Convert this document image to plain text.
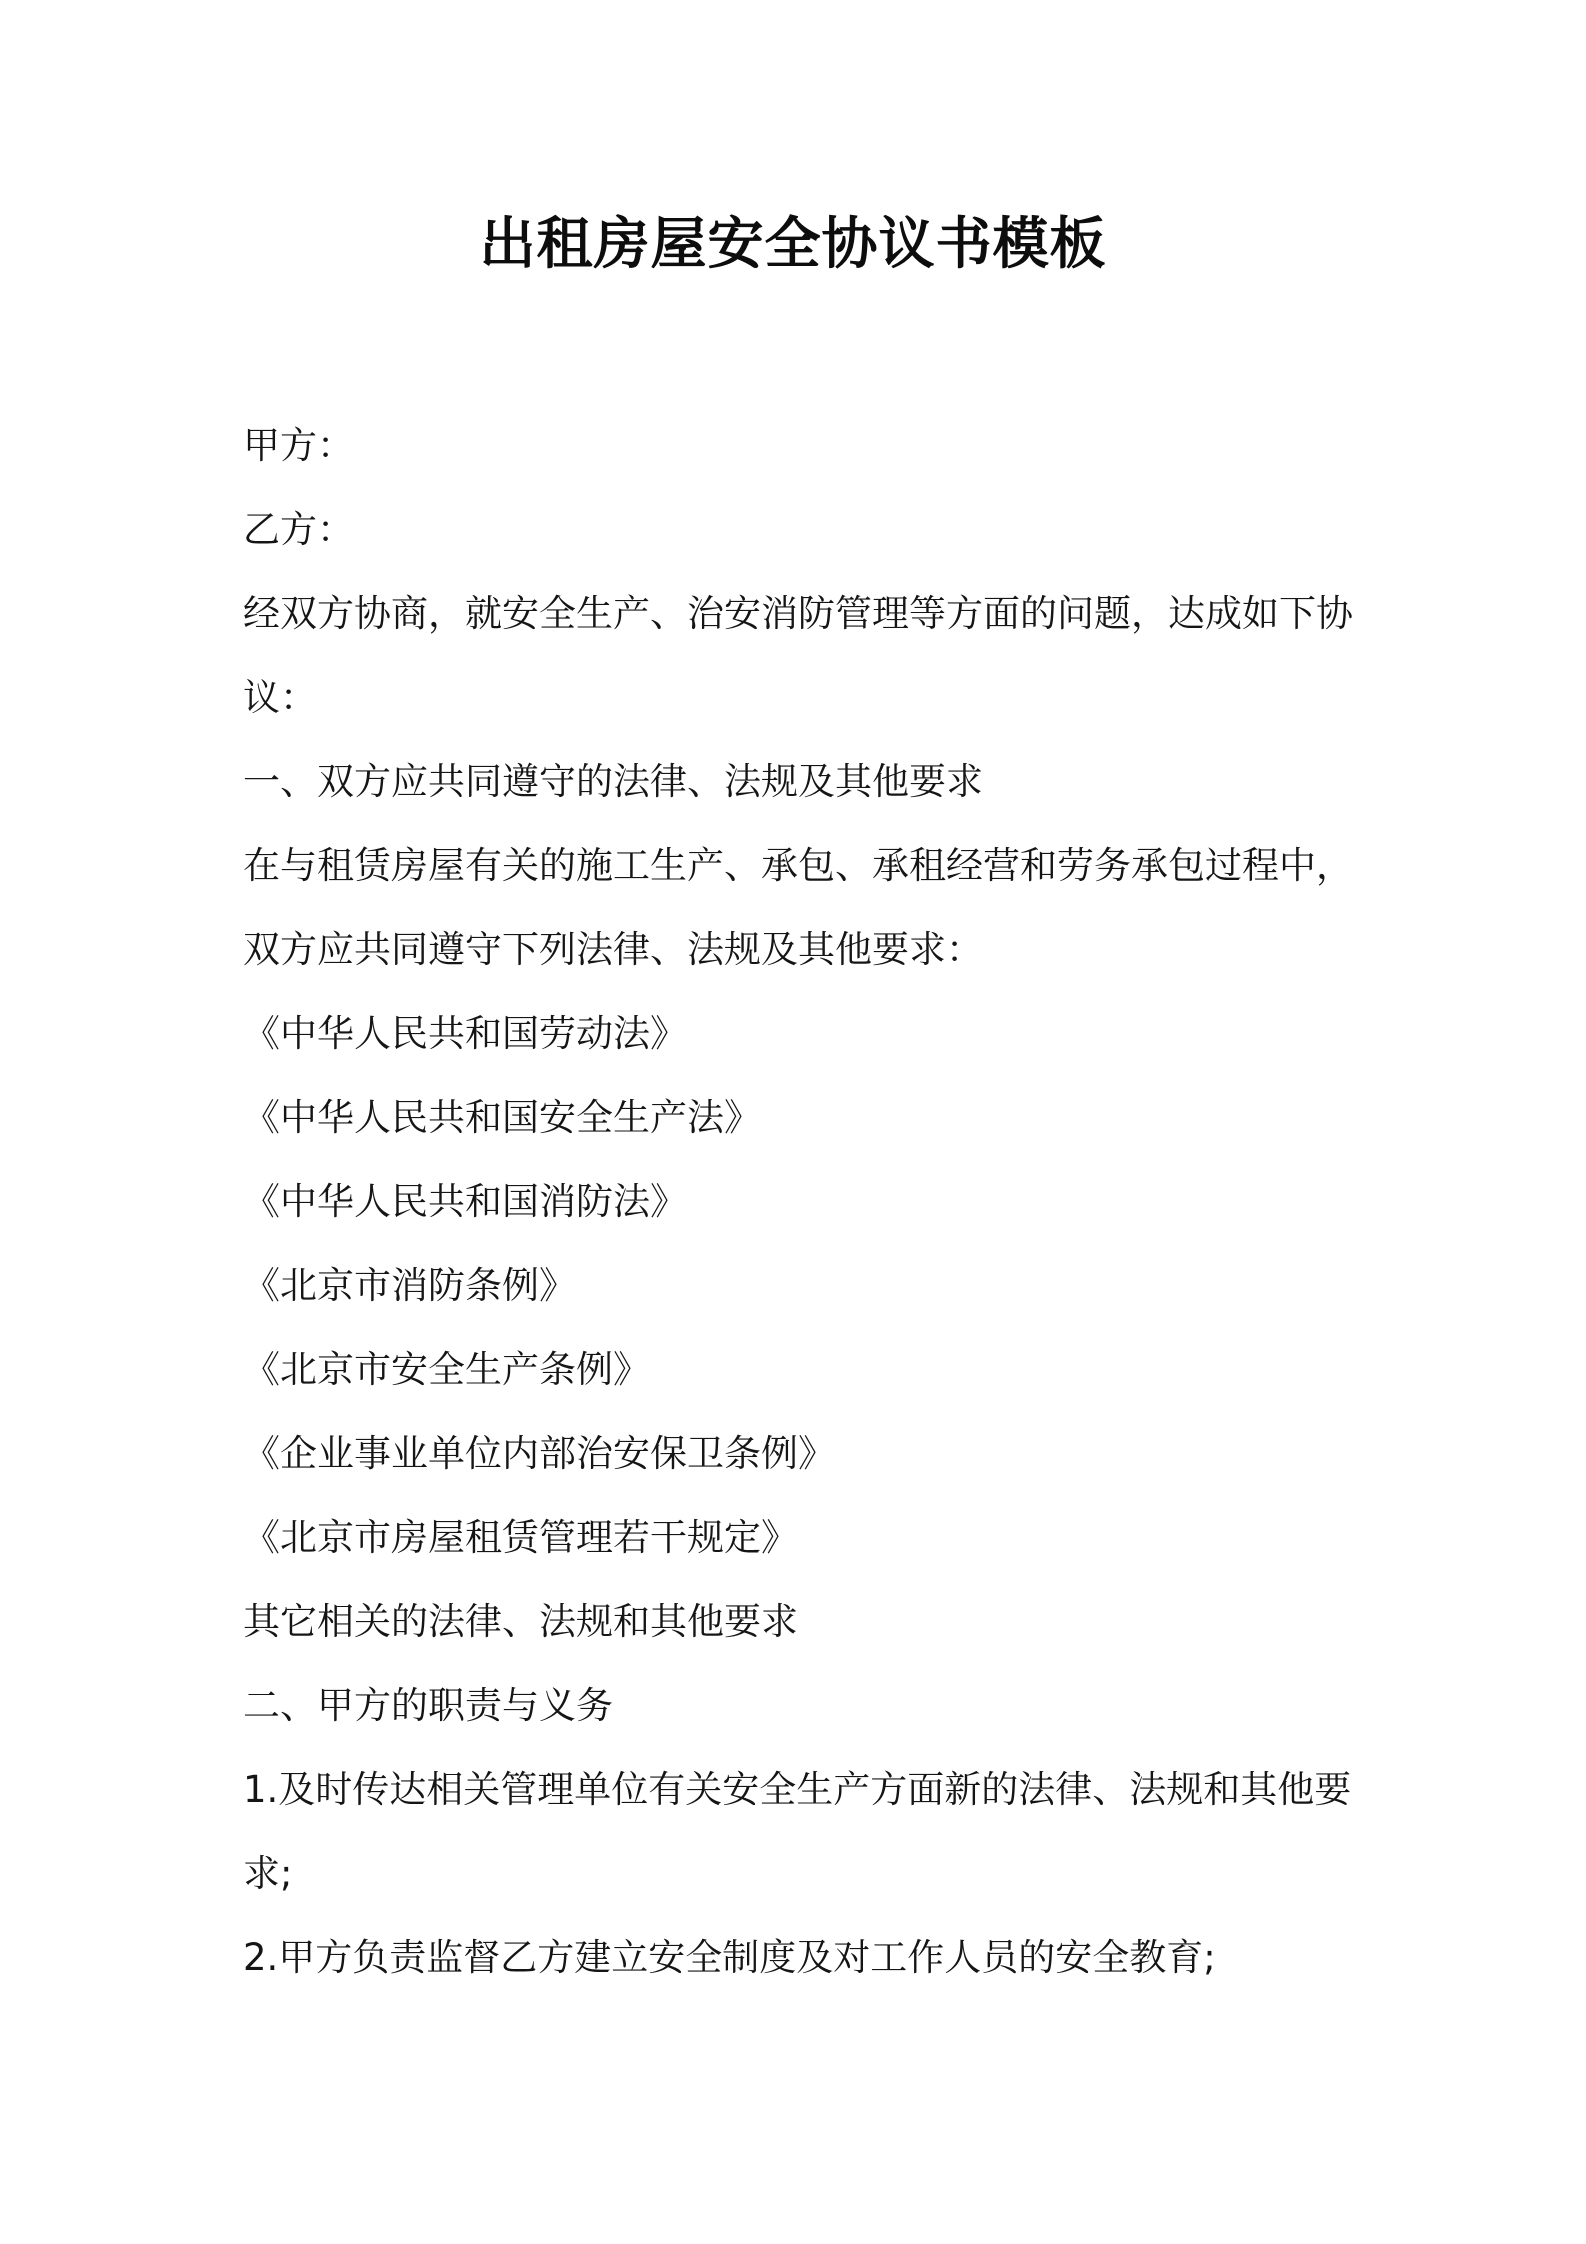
出租房屋安全协议书模板
甲方：
乙方：
经双方协商，就安全生产、治安消防管理等方面的问题，达成如下协
议：
一、双方应共同遵守的法律、法规及其他要求
在与租赁房屋有关的施工生产、承包、承租经营和劳务承包过程中，
双方应共同遵守下列法律、法规及其他要求：
《中华人民共和国劳动法》
《中华人民共和国安全生产法》
《中华人民共和国消防法》
《北京市消防条例》
《北京市安全生产条例》
《企业事业单位内部治安保卫条例》
《北京市房屋租赁管理若干规定》
其它相关的法律、法规和其他要求
二、甲方的职责与义务
1.及时传达相关管理单位有关安全生产方面新的法律、法规和其他要
求;
2.甲方负责监督乙方建立安全制度及对工作人员的安全教育;
